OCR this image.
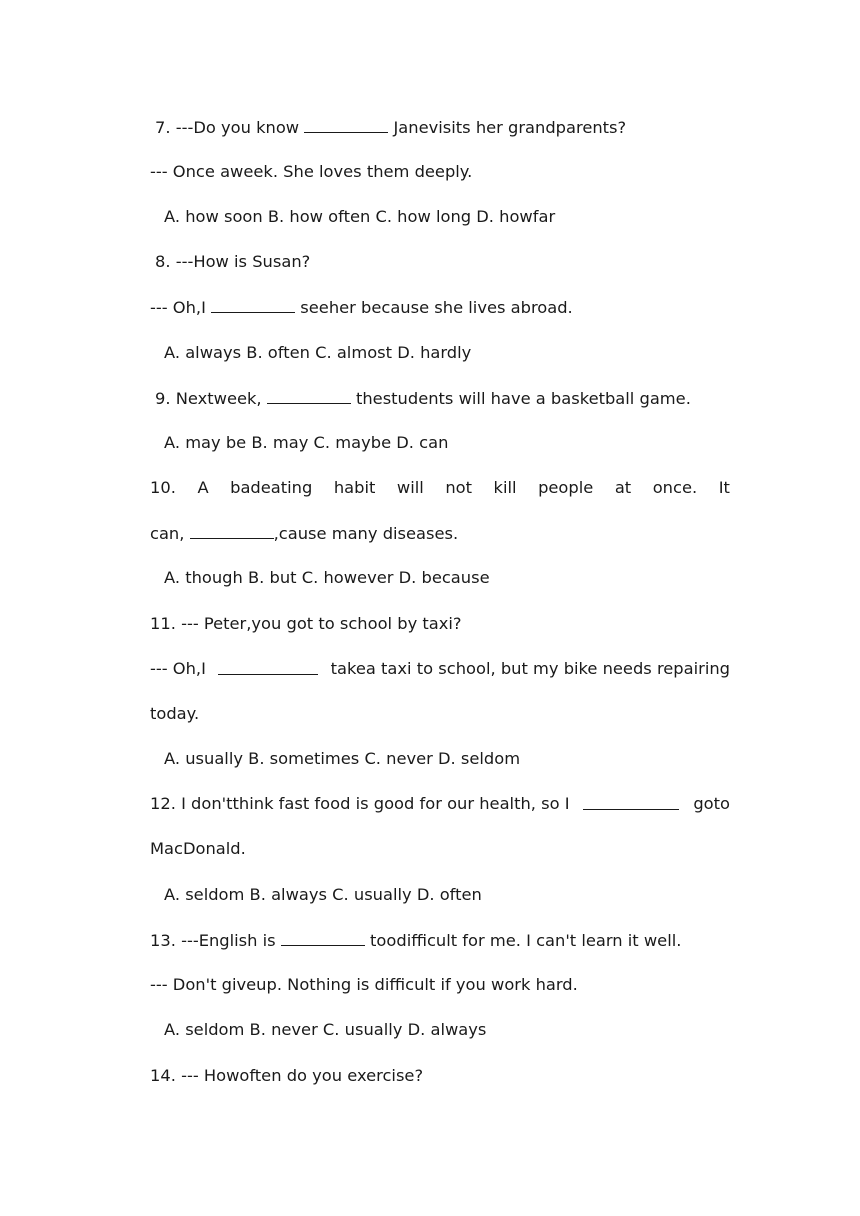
7. ---Do you know	Janevisits her grandparents?
--- Once aweek. She loves them deeply.
A. how soon B. how often C. how long D. howfar
8. ---How is Susan?
--- Oh,I	seeher because she lives abroad.
A. always B. often C. almost D. hardly
9. Nextweek,	thestudents will have a basketball game.
A. may be B. may C. maybe D. can
10. A badeating habit will not kill people at once. It
can,	,cause many diseases.
A. though B. but C. however D. because
11. --- Peter,you got to school by taxi?
--- Oh,I	takea taxi to school, but my bike needs repairing
today.
A. usually B. sometimes C. never D. seldom
12. I don'tthink fast food is good for our health, so I	goto
MacDonald.
A. seldom B. always C. usually D. often
13. ---English is	toodifficult for me. I can't learn it well.
--- Don't giveup. Nothing is difficult if you work hard.
A. seldom B. never C. usually D. always
14. --- Howoften do you exercise?
